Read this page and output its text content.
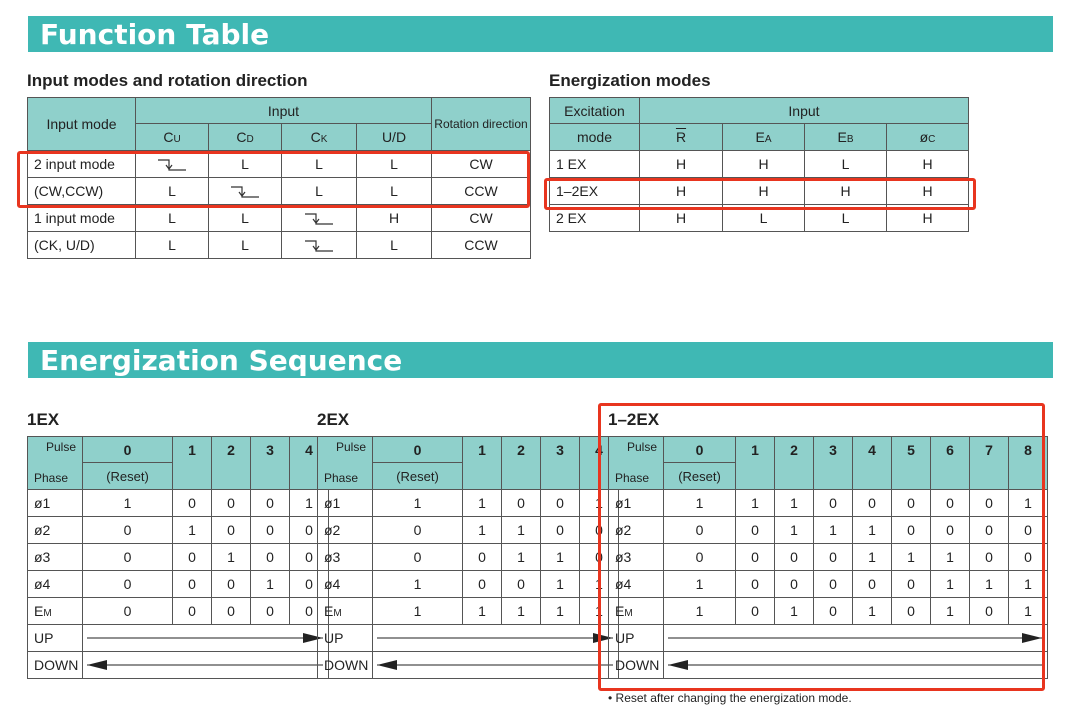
Function Table
Energization Sequence
Input modes and rotation direction
Input mode	Input				Rotation direction
	CU	CD	CK	U/D	
2 input mode		L	L	L	CW
(CW,CCW)	L		L	L	CCW
1 input mode	L	L		H	CW
(CK, U/D)	L	L		L	CCW
Energization modes
Excitation	Input			
mode	$\overline{R}$	EA	EB	øC
1 EX	H	H	L	H
1–2EX	H	H	H	H
2 EX	H	L	L	H
1EX
Pulse
Phase	0	1	2	3	4
	(Reset)				
ø1	1	0	0	0	1
ø2	0	1	0	0	0
ø3	0	0	1	0	0
ø4	0	0	0	1	0
EM	0	0	0	0	0
UP	

DOWN	
2EX
Pulse
Phase	0	1	2	3	4
	(Reset)				
ø1	1	1	0	0	1
ø2	0	1	1	0	0
ø3	0	0	1	1	0
ø4	1	0	0	1	1
EM	1	1	1	1	1
UP	

DOWN	
1–2EX
Pulse
Phase	0	1	2	3	4	5	6	7	8
	(Reset)								
ø1	1	1	1	0	0	0	0	0	1
ø2	0	0	1	1	1	0	0	0	0
ø3	0	0	0	0	1	1	1	0	0
ø4	1	0	0	0	0	0	1	1	1
EM	1	0	1	0	1	0	1	0	1
UP	

DOWN	
• Reset after changing the energization mode.
